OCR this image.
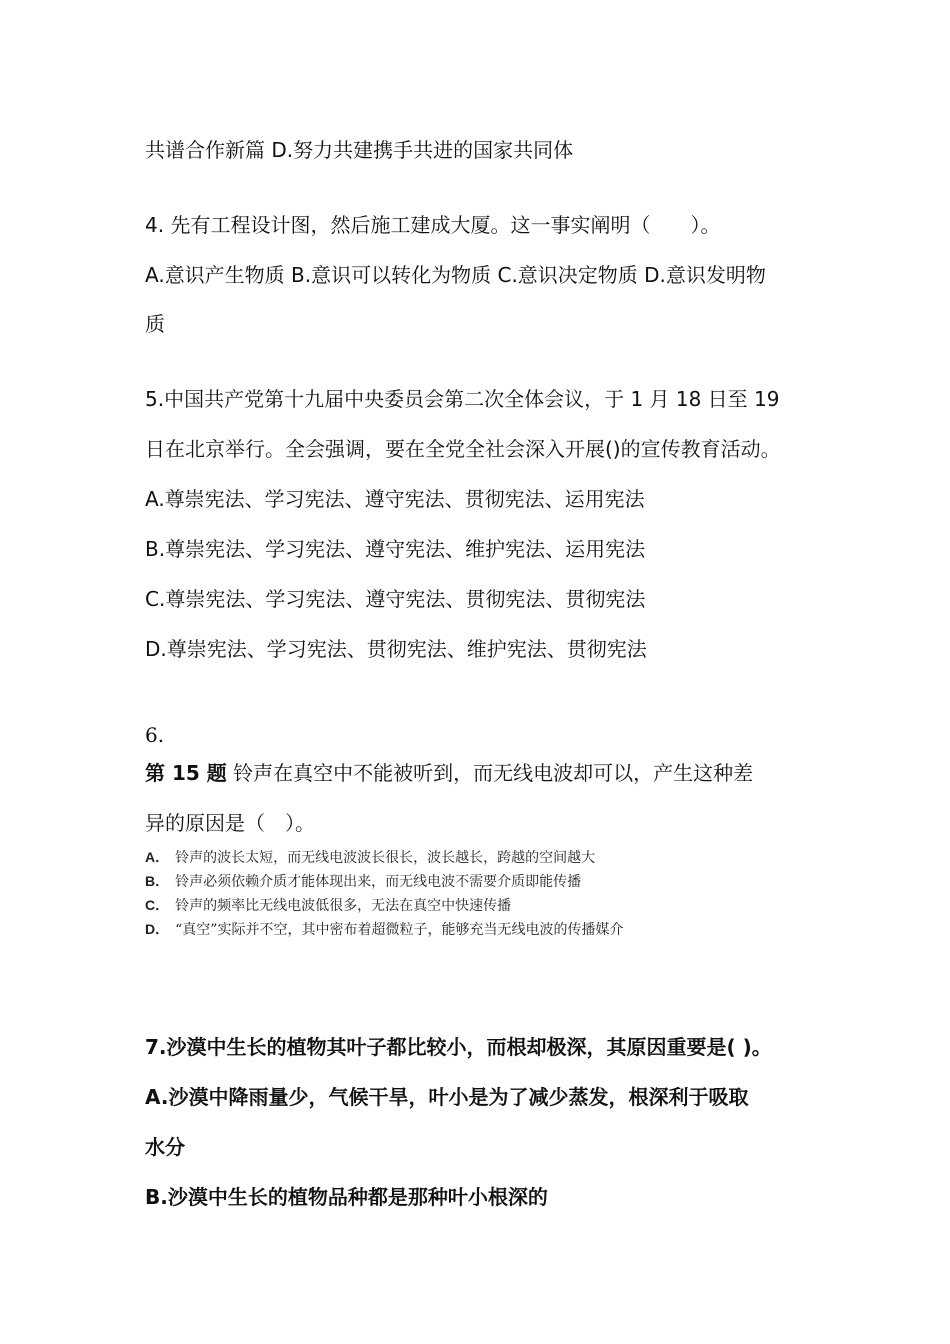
共谱合作新篇 D.努力共建携手共进的国家共同体
4. 先有工程设计图，然后施工建成大厦。这一事实阐明（　　）。
A.意识产生物质 B.意识可以转化为物质 C.意识决定物质 D.意识发明物
质
5.中国共产党第十九届中央委员会第二次全体会议，于 1 月 18 日至 19
日在北京举行。全会强调，要在全党全社会深入开展()的宣传教育活动。
A.尊崇宪法、学习宪法、遵守宪法、贯彻宪法、运用宪法
B.尊崇宪法、学习宪法、遵守宪法、维护宪法、运用宪法
C.尊崇宪法、学习宪法、遵守宪法、贯彻宪法、贯彻宪法
D.尊崇宪法、学习宪法、贯彻宪法、维护宪法、贯彻宪法
6.
第 15 题 铃声在真空中不能被听到，而无线电波却可以，产生这种差
异的原因是（　）。
A． 铃声的波长太短，而无线电波波长很长，波长越长，跨越的空间越大
B． 铃声必须依赖介质才能体现出来，而无线电波不需要介质即能传播
C． 铃声的频率比无线电波低很多，无法在真空中快速传播
D． “真空”实际并不空，其中密布着超微粒子，能够充当无线电波的传播媒介
7.沙漠中生长的植物其叶子都比较小，而根却极深，其原因重要是( )。
A.沙漠中降雨量少，气候干旱，叶小是为了减少蒸发，根深利于吸取
水分
B.沙漠中生长的植物品种都是那种叶小根深的
